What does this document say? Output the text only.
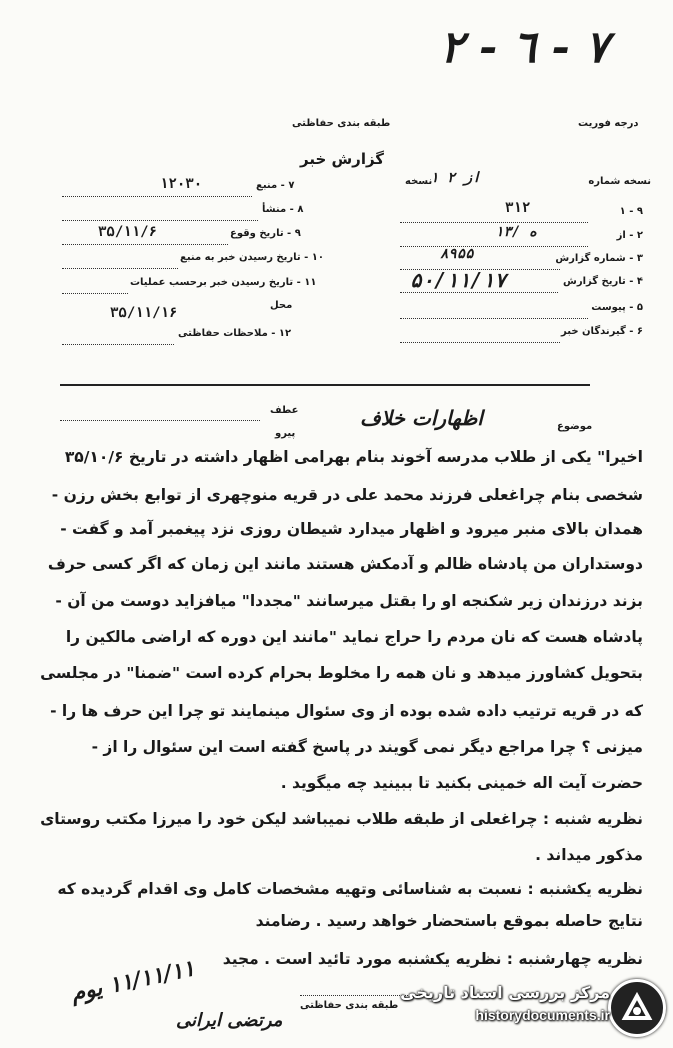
٧ - ٦ - ٢
طبقه بندی حفاظتی	درجه فوریت
گزارش خبر
نسخه شماره
۱ از ۲
نسخه
۱ - ۹
۳۱۲
۲ - از
۱۳/ ه
۳ - شماره گزارش
۸۹۵۵
۴ - تاریخ گزارش
۵۰/۱۱/۱۷
۵ - پیوست
۶ - گیرندگان خبر
۷ - منبع
۱۲۰۳۰
۸ - منشأ
۹ - تاریخ وقوع
۳۵/۱۱/۶
۱۰ - تاریخ رسیدن خبر به منبع
۱۱ - تاریخ رسیدن خبر برحسب عملیات
محل
۳۵/۱۱/۱۶
۱۲ - ملاحظات حفاظتی
عطف
پیرو
موضوع
اظهارات خلاف
اخیرا" یکی از طلاب مدرسه آخوند بنام بهرامی اظهار داشته در تاریخ ۳۵/۱۰/۶
شخصی بنام چراغعلی فرزند محمد علی در قریه منوچهری از توابع بخش رزن -
همدان بالای منبر میرود و اظهار میدارد شیطان روزی نزد پیغمبر آمد و گفت -
دوستداران من پادشاه ظالم و آدمکش هستند مانند این زمان که اگر کسی حرف
بزند درزندان زیر شکنجه او را بقتل میرسانند "مجددا" میافزاید دوست من آن -
پادشاه هست که نان مردم را حراج نماید "مانند این دوره که اراضی مالکین را
بتحویل کشاورز میدهد و نان همه را مخلوط بحرام کرده است "ضمنا" در مجلسی
که در قریه ترتیب داده شده بوده از وی سئوال مینمایند تو چرا این حرف ها را -
میزنی ؟ چرا مراجع دیگر نمی گویند در پاسخ گفته است این سئوال را از -
حضرت آیت اله خمینی بکنید تا ببینید چه میگوید .
نظریه شنبه : چراغعلی از طبقه طلاب نمیباشد لیکن خود را میرزا مکتب روستای
مذکور میداند .
نظریه یکشنبه : نسبت به شناسائی وتهیه مشخصات کامل وی اقدام گردیده که
نتایج حاصله بموقع باستحضار خواهد رسید . رضامند
نظریه چهارشنبه : نظریه یکشنبه مورد تائید است . مجید
۱۱/۱۱/۱۱ یوم
مرتضی ایرانی
طبقه بندی حفاظتی
مرکز بررسی اسناد تاریخی
historydocuments.ir
